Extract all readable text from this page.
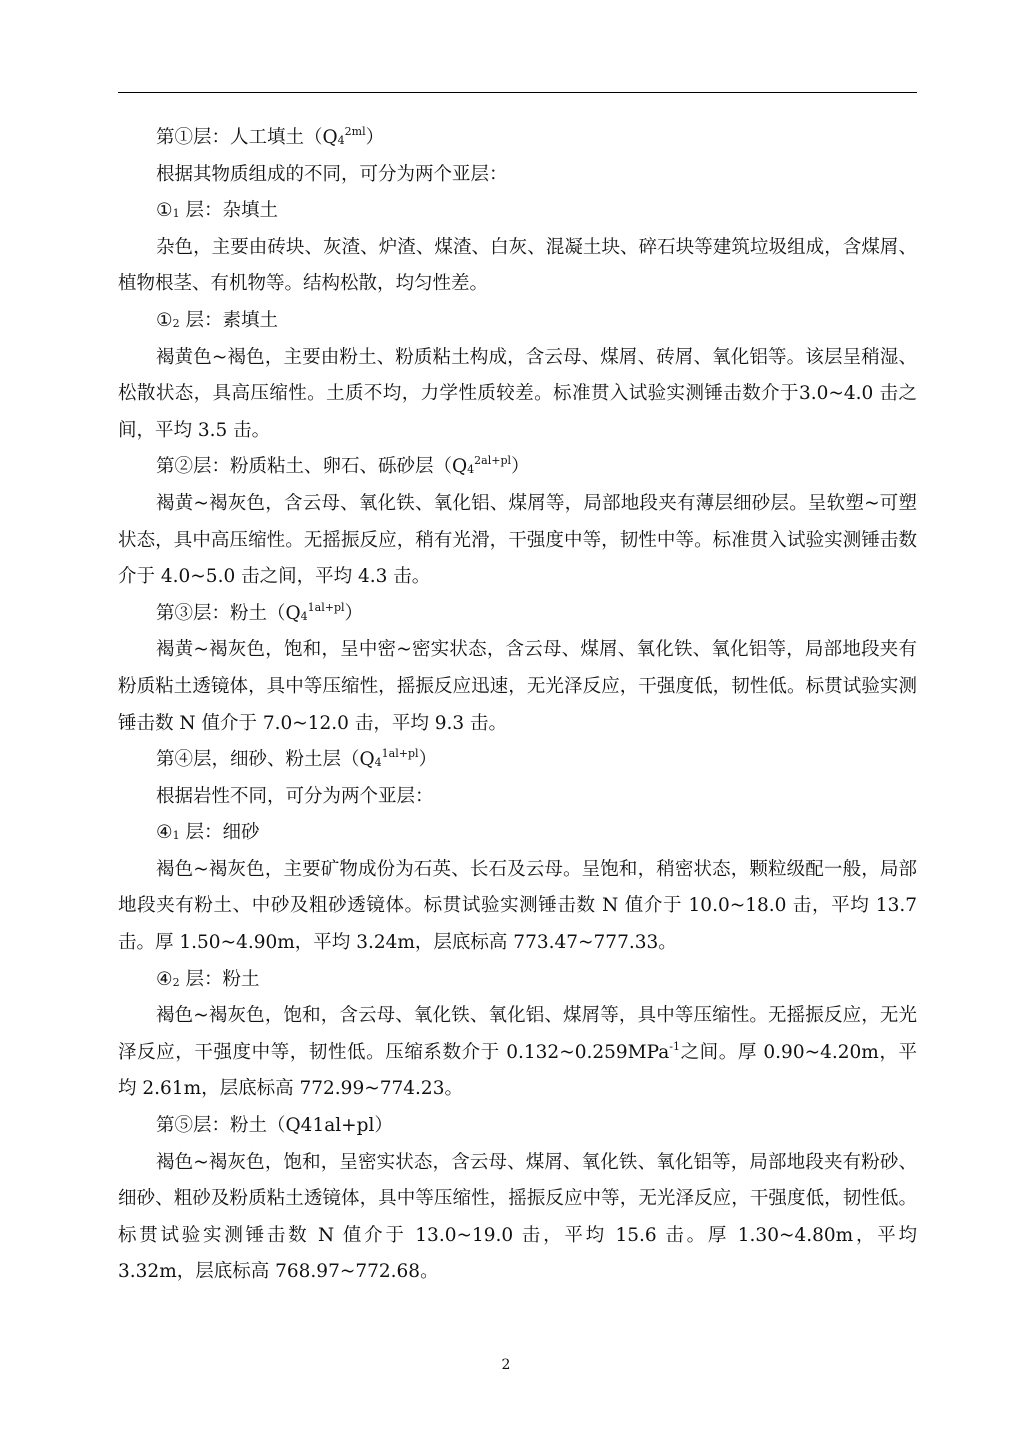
第①层：人工填土$(Q_4^{2ml})$

根据其物质组成的不同，可分为两个亚层：

$①_1$ 层：杂填土

杂色，主要由砖块、灰渣、炉渣、煤渣、白灰、混凝土块、碎石块等建筑垃圾组成，含煤屑、植物根茎、有机物等。结构松散，均匀性差。

$①_2$ 层：素填土

褐黄色~褐色，主要由粉土、粉质粘土构成，含云母、煤屑、砖屑、氧化铝等。该层呈稍湿、松散状态，具高压缩性。土质不均，力学性质较差。标准贯入试验实测锤击数介于3.0~4.0 击之间，平均 3.5 击。

第②层：粉质粘土、卵石、砾砂层$(Q_4^{2al+pl})$

褐黄~褐灰色，含云母、氧化铁、氧化铝、煤屑等，局部地段夹有薄层细砂层。呈软塑~可塑状态，具中高压缩性。无摇振反应，稍有光滑，干强度中等，韧性中等。标准贯入试验实测锤击数介于 4.0~5.0 击之间，平均 4.3 击。

第③层：粉土$(Q_4^{1al+pl})$

褐黄~褐灰色，饱和，呈中密~密实状态，含云母、煤屑、氧化铁、氧化铝等，局部地段夹有粉质粘土透镜体，具中等压缩性，摇振反应迅速，无光泽反应，干强度低，韧性低。标贯试验实测锤击数 N 值介于 7.0~12.0 击，平均 9.3 击。

第④层，细砂、粉土层$(Q_4^{1al+pl})$

根据岩性不同，可分为两个亚层：

$④_1$ 层：细砂

褐色~褐灰色，主要矿物成份为石英、长石及云母。呈饱和，稍密状态，颗粒级配一般，局部地段夹有粉土、中砂及粗砂透镜体。标贯试验实测锤击数 N 值介于 10.0~18.0 击，平均 13.7 击。厚 1.50~4.90m，平均 3.24m，层底标高 773.47~777.33。

$④_2$ 层：粉土

褐色~褐灰色，饱和，含云母、氧化铁、氧化铝、煤屑等，具中等压缩性。无摇振反应，无光泽反应，干强度中等，韧性低。压缩系数介于 0.132~0.259MPa$^{-1}$之间。厚 0.90~4.20m，平均 2.61m，层底标高 772.99~774.23。

第⑤层：粉土（Q41al+pl）

褐色~褐灰色，饱和，呈密实状态，含云母、煤屑、氧化铁、氧化铝等，局部地段夹有粉砂、细砂、粗砂及粉质粘土透镜体，具中等压缩性，摇振反应中等，无光泽反应，干强度低，韧性低。标贯试验实测锤击数 N 值介于 13.0~19.0 击，平均 15.6 击。厚 1.30~4.80m，平均 3.32m，层底标高 768.97~772.68。

2
